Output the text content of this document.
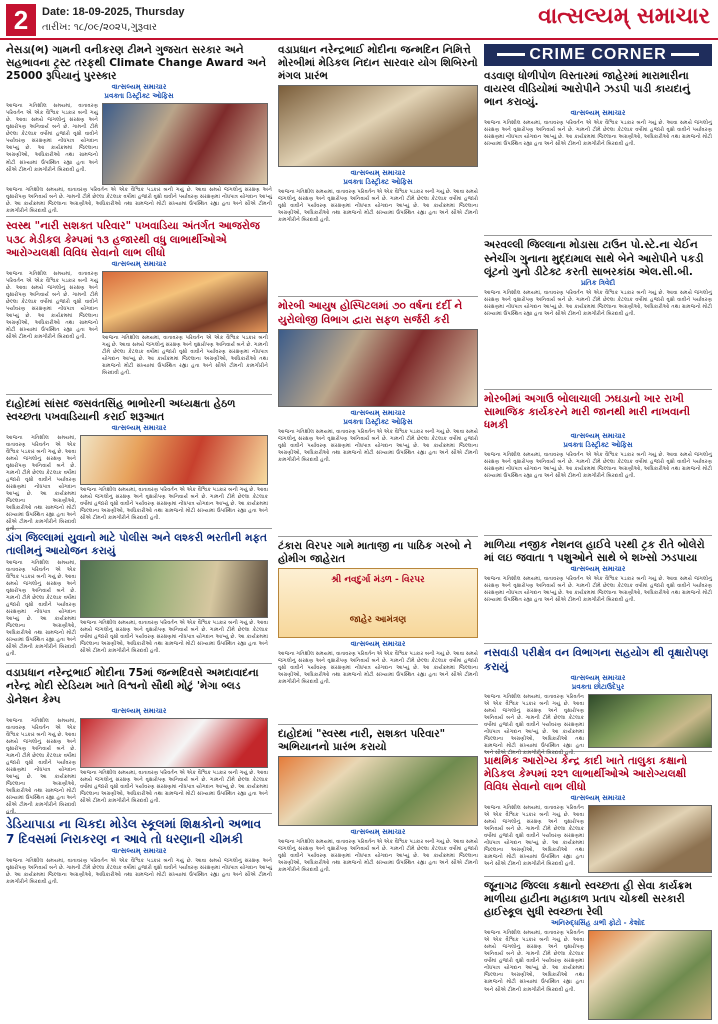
2	Date: 18-09-2025, Thursday
તારીખ: ૧૮/૦૯/૨૦૨૫,ગુરૂવાર	વાત્સલ્યમ્ સમાચાર
નેસડા(ભ) ગામની વનીકરણ ટીમને ગુજરાત સરકાર અને સહભાવના ટ્રસ્ટ તરફથી Climate Change Award અને 25000 રૂપિયાનું પુરસ્કાર
વાત્સલ્યમ્ સમાચાર
પ્રવક્તા ડિસ્ટ્રીક્ટ ઓફિસ
આજના ગતિશીલ સમયમાં, વાતાવરણ પરિવર્તન એ એક વૈશ્વિક પડકાર બની ગયું છે. આવા સમયે જંગલોનું સંરક્ષણ અને વૃક્ષારોપણ અનિવાર્ય બને છે. ગામની ટીમે છેલ્લા કેટલાક વર્ષોમાં હજારો વૃક્ષો વાવીને પર્યાવરણ સંરક્ષણમાં નોંધપાત્ર યોગદાન આપ્યું છે. આ કાર્યક્રમમાં જિલ્લાના અગ્રણીઓ, અધિકારીઓ તથા ગ્રામજનો મોટી સંખ્યામાં ઉપસ્થિત રહ્યા હતા અને સૌએ ટીમની કામગીરીને બિરદાવી હતી.
આજના ગતિશીલ સમયમાં, વાતાવરણ પરિવર્તન એ એક વૈશ્વિક પડકાર બની ગયું છે. આવા સમયે જંગલોનું સંરક્ષણ અને વૃક્ષારોપણ અનિવાર્ય બને છે. ગામની ટીમે છેલ્લા કેટલાક વર્ષોમાં હજારો વૃક્ષો વાવીને પર્યાવરણ સંરક્ષણમાં નોંધપાત્ર યોગદાન આપ્યું છે. આ કાર્યક્રમમાં જિલ્લાના અગ્રણીઓ, અધિકારીઓ તથા ગ્રામજનો મોટી સંખ્યામાં ઉપસ્થિત રહ્યા હતા અને સૌએ ટીમની કામગીરીને બિરદાવી હતી.
સ્વસ્થ "નારી સશક્ત પરિવાર" પખવાડિયા અંતર્ગત આજરોજ ૫૩૮ મેડીકલ કેમ્પમાં ૧૩ હજારથી વધુ લાભાર્થીઓએ આરોગ્યલક્ષી વિવિધ સેવાનો લાભ લીધો
વાત્સલ્યમ્ સમાચાર
આજના ગતિશીલ સમયમાં, વાતાવરણ પરિવર્તન એ એક વૈશ્વિક પડકાર બની ગયું છે. આવા સમયે જંગલોનું સંરક્ષણ અને વૃક્ષારોપણ અનિવાર્ય બને છે. ગામની ટીમે છેલ્લા કેટલાક વર્ષોમાં હજારો વૃક્ષો વાવીને પર્યાવરણ સંરક્ષણમાં નોંધપાત્ર યોગદાન આપ્યું છે. આ કાર્યક્રમમાં જિલ્લાના અગ્રણીઓ, અધિકારીઓ તથા ગ્રામજનો મોટી સંખ્યામાં ઉપસ્થિત રહ્યા હતા અને સૌએ ટીમની કામગીરીને બિરદાવી હતી.	આજના ગતિશીલ સમયમાં, વાતાવરણ પરિવર્તન એ એક વૈશ્વિક પડકાર બની ગયું છે. આવા સમયે જંગલોનું સંરક્ષણ અને વૃક્ષારોપણ અનિવાર્ય બને છે. ગામની ટીમે છેલ્લા કેટલાક વર્ષોમાં હજારો વૃક્ષો વાવીને પર્યાવરણ સંરક્ષણમાં નોંધપાત્ર યોગદાન આપ્યું છે. આ કાર્યક્રમમાં જિલ્લાના અગ્રણીઓ, અધિકારીઓ તથા ગ્રામજનો મોટી સંખ્યામાં ઉપસ્થિત રહ્યા હતા અને સૌએ ટીમની કામગીરીને બિરદાવી હતી.
દાહોદમાં સાંસદ જસવંતસિંહ ભાભોરની અધ્યક્ષતા હેઠળ સ્વચ્છતા પખવાડિયાની કરાઈ શરૂઆત
વાત્સલ્યમ્ સમાચાર
આજના ગતિશીલ સમયમાં, વાતાવરણ પરિવર્તન એ એક વૈશ્વિક પડકાર બની ગયું છે. આવા સમયે જંગલોનું સંરક્ષણ અને વૃક્ષારોપણ અનિવાર્ય બને છે. ગામની ટીમે છેલ્લા કેટલાક વર્ષોમાં હજારો વૃક્ષો વાવીને પર્યાવરણ સંરક્ષણમાં નોંધપાત્ર યોગદાન આપ્યું છે. આ કાર્યક્રમમાં જિલ્લાના અગ્રણીઓ, અધિકારીઓ તથા ગ્રામજનો મોટી સંખ્યામાં ઉપસ્થિત રહ્યા હતા અને સૌએ ટીમની કામગીરીને બિરદાવી હતી.
આજના ગતિશીલ સમયમાં, વાતાવરણ પરિવર્તન એ એક વૈશ્વિક પડકાર બની ગયું છે. આવા સમયે જંગલોનું સંરક્ષણ અને વૃક્ષારોપણ અનિવાર્ય બને છે. ગામની ટીમે છેલ્લા કેટલાક વર્ષોમાં હજારો વૃક્ષો વાવીને પર્યાવરણ સંરક્ષણમાં નોંધપાત્ર યોગદાન આપ્યું છે. આ કાર્યક્રમમાં જિલ્લાના અગ્રણીઓ, અધિકારીઓ તથા ગ્રામજનો મોટી સંખ્યામાં ઉપસ્થિત રહ્યા હતા અને સૌએ ટીમની કામગીરીને બિરદાવી હતી.
ડાંગ જિલ્લામાં યુવાનો માટે પોલીસ અને લશ્કરી ભરતીની મફત તાલીમનું આયોજન કરાયું
આજના ગતિશીલ સમયમાં, વાતાવરણ પરિવર્તન એ એક વૈશ્વિક પડકાર બની ગયું છે. આવા સમયે જંગલોનું સંરક્ષણ અને વૃક્ષારોપણ અનિવાર્ય બને છે. ગામની ટીમે છેલ્લા કેટલાક વર્ષોમાં હજારો વૃક્ષો વાવીને પર્યાવરણ સંરક્ષણમાં નોંધપાત્ર યોગદાન આપ્યું છે. આ કાર્યક્રમમાં જિલ્લાના અગ્રણીઓ, અધિકારીઓ તથા ગ્રામજનો મોટી સંખ્યામાં ઉપસ્થિત રહ્યા હતા અને સૌએ ટીમની કામગીરીને બિરદાવી હતી.
આજના ગતિશીલ સમયમાં, વાતાવરણ પરિવર્તન એ એક વૈશ્વિક પડકાર બની ગયું છે. આવા સમયે જંગલોનું સંરક્ષણ અને વૃક્ષારોપણ અનિવાર્ય બને છે. ગામની ટીમે છેલ્લા કેટલાક વર્ષોમાં હજારો વૃક્ષો વાવીને પર્યાવરણ સંરક્ષણમાં નોંધપાત્ર યોગદાન આપ્યું છે. આ કાર્યક્રમમાં જિલ્લાના અગ્રણીઓ, અધિકારીઓ તથા ગ્રામજનો મોટી સંખ્યામાં ઉપસ્થિત રહ્યા હતા અને સૌએ ટીમની કામગીરીને બિરદાવી હતી.
વડાપ્રધાન નરેન્દ્રભાઈ મોદીના 75માં જન્મદિવસે અમદાવાદના નરેન્દ્ર મોદી સ્ટેડિયમ ખાતે વિશ્વનો સૌથી મોટું 'મેગા બ્લડ ડોનેશન કેમ્પ
વાત્સલ્યમ્ સમાચાર
આજના ગતિશીલ સમયમાં, વાતાવરણ પરિવર્તન એ એક વૈશ્વિક પડકાર બની ગયું છે. આવા સમયે જંગલોનું સંરક્ષણ અને વૃક્ષારોપણ અનિવાર્ય બને છે. ગામની ટીમે છેલ્લા કેટલાક વર્ષોમાં હજારો વૃક્ષો વાવીને પર્યાવરણ સંરક્ષણમાં નોંધપાત્ર યોગદાન આપ્યું છે. આ કાર્યક્રમમાં જિલ્લાના અગ્રણીઓ, અધિકારીઓ તથા ગ્રામજનો મોટી સંખ્યામાં ઉપસ્થિત રહ્યા હતા અને સૌએ ટીમની કામગીરીને બિરદાવી હતી.
આજના ગતિશીલ સમયમાં, વાતાવરણ પરિવર્તન એ એક વૈશ્વિક પડકાર બની ગયું છે. આવા સમયે જંગલોનું સંરક્ષણ અને વૃક્ષારોપણ અનિવાર્ય બને છે. ગામની ટીમે છેલ્લા કેટલાક વર્ષોમાં હજારો વૃક્ષો વાવીને પર્યાવરણ સંરક્ષણમાં નોંધપાત્ર યોગદાન આપ્યું છે. આ કાર્યક્રમમાં જિલ્લાના અગ્રણીઓ, અધિકારીઓ તથા ગ્રામજનો મોટી સંખ્યામાં ઉપસ્થિત રહ્યા હતા અને સૌએ ટીમની કામગીરીને બિરદાવી હતી.
ડેડિયાપાડા ના ચિકદા મોડેલ સ્કૂલમાં શિક્ષકોનો અભાવ 7 દિવસમાં નિરાકરણ ન આવે તો ધરણાની ચીમકી
વાત્સલ્યમ્ સમાચાર
આજના ગતિશીલ સમયમાં, વાતાવરણ પરિવર્તન એ એક વૈશ્વિક પડકાર બની ગયું છે. આવા સમયે જંગલોનું સંરક્ષણ અને વૃક્ષારોપણ અનિવાર્ય બને છે. ગામની ટીમે છેલ્લા કેટલાક વર્ષોમાં હજારો વૃક્ષો વાવીને પર્યાવરણ સંરક્ષણમાં નોંધપાત્ર યોગદાન આપ્યું છે. આ કાર્યક્રમમાં જિલ્લાના અગ્રણીઓ, અધિકારીઓ તથા ગ્રામજનો મોટી સંખ્યામાં ઉપસ્થિત રહ્યા હતા અને સૌએ ટીમની કામગીરીને બિરદાવી હતી.
વડાપ્રધાન નરેન્દ્રભાઈ મોદીના જન્મદિન નિમિત્તે મોરબીમાં મેડિકલ નિદાન સારવાર યોગ શિબિરનો મંગલ પ્રારંભ
વાત્સલ્યમ્ સમાચાર
પ્રવક્તા ડિસ્ટ્રીક્ટ ઓફિસ
આજના ગતિશીલ સમયમાં, વાતાવરણ પરિવર્તન એ એક વૈશ્વિક પડકાર બની ગયું છે. આવા સમયે જંગલોનું સંરક્ષણ અને વૃક્ષારોપણ અનિવાર્ય બને છે. ગામની ટીમે છેલ્લા કેટલાક વર્ષોમાં હજારો વૃક્ષો વાવીને પર્યાવરણ સંરક્ષણમાં નોંધપાત્ર યોગદાન આપ્યું છે. આ કાર્યક્રમમાં જિલ્લાના અગ્રણીઓ, અધિકારીઓ તથા ગ્રામજનો મોટી સંખ્યામાં ઉપસ્થિત રહ્યા હતા અને સૌએ ટીમની કામગીરીને બિરદાવી હતી.
મોરબી આયુષ હોસ્પિટલમાં ૭૦ વર્ષના દર્દી ને યુરોલોજી વિભાગ દ્વારા સફળ સર્જરી કરી
વાત્સલ્યમ્ સમાચાર
પ્રવક્તા ડિસ્ટ્રીક્ટ ઓફિસ
આજના ગતિશીલ સમયમાં, વાતાવરણ પરિવર્તન એ એક વૈશ્વિક પડકાર બની ગયું છે. આવા સમયે જંગલોનું સંરક્ષણ અને વૃક્ષારોપણ અનિવાર્ય બને છે. ગામની ટીમે છેલ્લા કેટલાક વર્ષોમાં હજારો વૃક્ષો વાવીને પર્યાવરણ સંરક્ષણમાં નોંધપાત્ર યોગદાન આપ્યું છે. આ કાર્યક્રમમાં જિલ્લાના અગ્રણીઓ, અધિકારીઓ તથા ગ્રામજનો મોટી સંખ્યામાં ઉપસ્થિત રહ્યા હતા અને સૌએ ટીમની કામગીરીને બિરદાવી હતી.
ટંકારા વિરપર ગામે માતાજી ના પાઠિક ગરબો ને હોમીગ જાહેરાત
શ્રી નવદુર્ગા મંડળ - વિરપર
જાહેર આમંત્રણ
વાત્સલ્યમ્ સમાચાર
આજના ગતિશીલ સમયમાં, વાતાવરણ પરિવર્તન એ એક વૈશ્વિક પડકાર બની ગયું છે. આવા સમયે જંગલોનું સંરક્ષણ અને વૃક્ષારોપણ અનિવાર્ય બને છે. ગામની ટીમે છેલ્લા કેટલાક વર્ષોમાં હજારો વૃક્ષો વાવીને પર્યાવરણ સંરક્ષણમાં નોંધપાત્ર યોગદાન આપ્યું છે. આ કાર્યક્રમમાં જિલ્લાના અગ્રણીઓ, અધિકારીઓ તથા ગ્રામજનો મોટી સંખ્યામાં ઉપસ્થિત રહ્યા હતા અને સૌએ ટીમની કામગીરીને બિરદાવી હતી.
દાહોદમાં "સ્વસ્થ નારી, સશક્ત પરિવાર" અભિયાનનો પ્રારંભ કરાયો
વાત્સલ્યમ્ સમાચાર
આજના ગતિશીલ સમયમાં, વાતાવરણ પરિવર્તન એ એક વૈશ્વિક પડકાર બની ગયું છે. આવા સમયે જંગલોનું સંરક્ષણ અને વૃક્ષારોપણ અનિવાર્ય બને છે. ગામની ટીમે છેલ્લા કેટલાક વર્ષોમાં હજારો વૃક્ષો વાવીને પર્યાવરણ સંરક્ષણમાં નોંધપાત્ર યોગદાન આપ્યું છે. આ કાર્યક્રમમાં જિલ્લાના અગ્રણીઓ, અધિકારીઓ તથા ગ્રામજનો મોટી સંખ્યામાં ઉપસ્થિત રહ્યા હતા અને સૌએ ટીમની કામગીરીને બિરદાવી હતી.
CRIME CORNER
વડવાણ ધોળીપોળ વિસ્તારમાં જાહેરમાં મારામારીના વાયરલ વીડિયોમાં આરોપીને ઝડપી પાડી કાયદાનું ભાન કરાવ્યું.
વાત્સલ્યમ્ સમાચાર
આજના ગતિશીલ સમયમાં, વાતાવરણ પરિવર્તન એ એક વૈશ્વિક પડકાર બની ગયું છે. આવા સમયે જંગલોનું સંરક્ષણ અને વૃક્ષારોપણ અનિવાર્ય બને છે. ગામની ટીમે છેલ્લા કેટલાક વર્ષોમાં હજારો વૃક્ષો વાવીને પર્યાવરણ સંરક્ષણમાં નોંધપાત્ર યોગદાન આપ્યું છે. આ કાર્યક્રમમાં જિલ્લાના અગ્રણીઓ, અધિકારીઓ તથા ગ્રામજનો મોટી સંખ્યામાં ઉપસ્થિત રહ્યા હતા અને સૌએ ટીમની કામગીરીને બિરદાવી હતી.
અરવલ્લી જિલ્લાના મોડાસા ટાઉન પો.સ્ટે.ના ચેઈન સ્નેચીંગ ગુનાના મુદ્દામાલ સાથે બેને આરોપીને પકડી લૂંટનો ગુનો ડીટેક્ટ કરતી સાબરકાંઠા એલ.સી.બી.
પ્રતિક ત્રિવેદી
આજના ગતિશીલ સમયમાં, વાતાવરણ પરિવર્તન એ એક વૈશ્વિક પડકાર બની ગયું છે. આવા સમયે જંગલોનું સંરક્ષણ અને વૃક્ષારોપણ અનિવાર્ય બને છે. ગામની ટીમે છેલ્લા કેટલાક વર્ષોમાં હજારો વૃક્ષો વાવીને પર્યાવરણ સંરક્ષણમાં નોંધપાત્ર યોગદાન આપ્યું છે. આ કાર્યક્રમમાં જિલ્લાના અગ્રણીઓ, અધિકારીઓ તથા ગ્રામજનો મોટી સંખ્યામાં ઉપસ્થિત રહ્યા હતા અને સૌએ ટીમની કામગીરીને બિરદાવી હતી.
મોરબીમાં અગાઉ બોલાચાલી ઝઘડાનો ખાર રાખી સામાજિક કાર્યકરને મારી જાનથી મારી નાખવાની ધમકી
વાત્સલ્યમ્ સમાચાર
પ્રવક્તા ડિસ્ટ્રીક્ટ ઓફિસ
આજના ગતિશીલ સમયમાં, વાતાવરણ પરિવર્તન એ એક વૈશ્વિક પડકાર બની ગયું છે. આવા સમયે જંગલોનું સંરક્ષણ અને વૃક્ષારોપણ અનિવાર્ય બને છે. ગામની ટીમે છેલ્લા કેટલાક વર્ષોમાં હજારો વૃક્ષો વાવીને પર્યાવરણ સંરક્ષણમાં નોંધપાત્ર યોગદાન આપ્યું છે. આ કાર્યક્રમમાં જિલ્લાના અગ્રણીઓ, અધિકારીઓ તથા ગ્રામજનો મોટી સંખ્યામાં ઉપસ્થિત રહ્યા હતા અને સૌએ ટીમની કામગીરીને બિરદાવી હતી.
માળિયા નજીક નેશનલ હાઈવે પરથી ટ્રક રીતે બોલેરો માં લઇ જવાતા ૧ પશુઓને સાથે બે શખ્સો ઝડપાયા
વાત્સલ્યમ્ સમાચાર
આજના ગતિશીલ સમયમાં, વાતાવરણ પરિવર્તન એ એક વૈશ્વિક પડકાર બની ગયું છે. આવા સમયે જંગલોનું સંરક્ષણ અને વૃક્ષારોપણ અનિવાર્ય બને છે. ગામની ટીમે છેલ્લા કેટલાક વર્ષોમાં હજારો વૃક્ષો વાવીને પર્યાવરણ સંરક્ષણમાં નોંધપાત્ર યોગદાન આપ્યું છે. આ કાર્યક્રમમાં જિલ્લાના અગ્રણીઓ, અધિકારીઓ તથા ગ્રામજનો મોટી સંખ્યામાં ઉપસ્થિત રહ્યા હતા અને સૌએ ટીમની કામગીરીને બિરદાવી હતી.
નસવાડી પરીક્ષેત્ર વન વિભાગના સહયોગ થી વૃક્ષારોપણ કરાયું
વાત્સલ્યમ્ સમાચાર
પ્રવક્તા છોટાઉદેપુર
આજના ગતિશીલ સમયમાં, વાતાવરણ પરિવર્તન એ એક વૈશ્વિક પડકાર બની ગયું છે. આવા સમયે જંગલોનું સંરક્ષણ અને વૃક્ષારોપણ અનિવાર્ય બને છે. ગામની ટીમે છેલ્લા કેટલાક વર્ષોમાં હજારો વૃક્ષો વાવીને પર્યાવરણ સંરક્ષણમાં નોંધપાત્ર યોગદાન આપ્યું છે. આ કાર્યક્રમમાં જિલ્લાના અગ્રણીઓ, અધિકારીઓ તથા ગ્રામજનો મોટી સંખ્યામાં ઉપસ્થિત રહ્યા હતા અને સૌએ ટીમની કામગીરીને બિરદાવી હતી.
પ્રાથમિક આરોગ્ય કેન્દ્ર કાદી ખાતે તાલુકા કક્ષાનો મેડિકલ કેમ્પમાં ૨૨૧ લાભાર્થીઓએ આરોગ્યલક્ષી વિવિધ સેવાનો લાભ લીધો
વાત્સલ્યમ્ સમાચાર
આજના ગતિશીલ સમયમાં, વાતાવરણ પરિવર્તન એ એક વૈશ્વિક પડકાર બની ગયું છે. આવા સમયે જંગલોનું સંરક્ષણ અને વૃક્ષારોપણ અનિવાર્ય બને છે. ગામની ટીમે છેલ્લા કેટલાક વર્ષોમાં હજારો વૃક્ષો વાવીને પર્યાવરણ સંરક્ષણમાં નોંધપાત્ર યોગદાન આપ્યું છે. આ કાર્યક્રમમાં જિલ્લાના અગ્રણીઓ, અધિકારીઓ તથા ગ્રામજનો મોટી સંખ્યામાં ઉપસ્થિત રહ્યા હતા અને સૌએ ટીમની કામગીરીને બિરદાવી હતી.
જૂનાગઢ જિલ્લા કક્ષાનો સ્વચ્છતા હી સેવા કાર્યક્રમ માળીયા હાટીના મહાકાળ પ્રતાપ ચોકથી સરકારી હાઈસ્કૂલ સુધી સ્વચ્છતા રેલી
અનિરુદ્ધસિંહ ડાભી ફોટો - કેશોદ
આજના ગતિશીલ સમયમાં, વાતાવરણ પરિવર્તન એ એક વૈશ્વિક પડકાર બની ગયું છે. આવા સમયે જંગલોનું સંરક્ષણ અને વૃક્ષારોપણ અનિવાર્ય બને છે. ગામની ટીમે છેલ્લા કેટલાક વર્ષોમાં હજારો વૃક્ષો વાવીને પર્યાવરણ સંરક્ષણમાં નોંધપાત્ર યોગદાન આપ્યું છે. આ કાર્યક્રમમાં જિલ્લાના અગ્રણીઓ, અધિકારીઓ તથા ગ્રામજનો મોટી સંખ્યામાં ઉપસ્થિત રહ્યા હતા અને સૌએ ટીમની કામગીરીને બિરદાવી હતી.
